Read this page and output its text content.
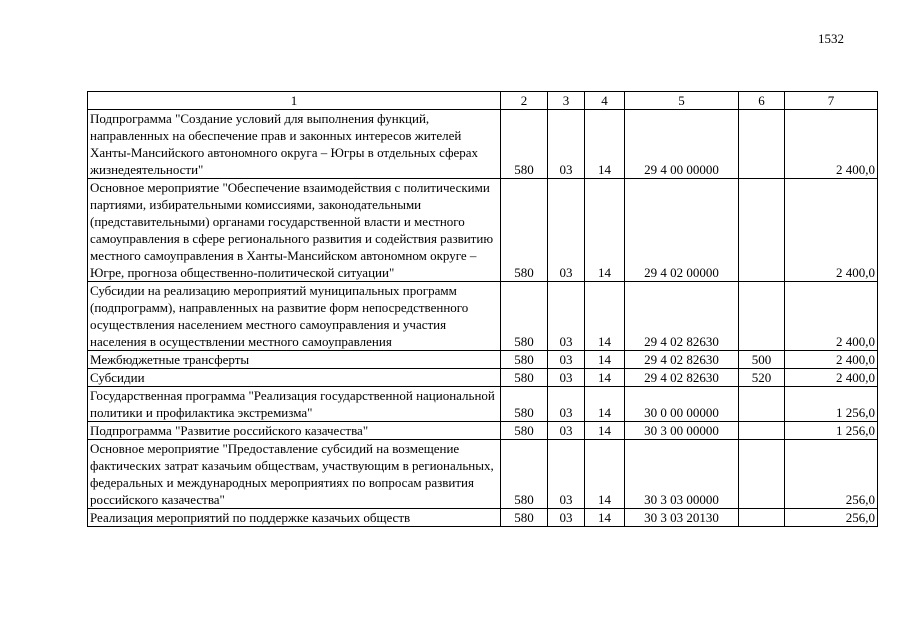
1532
1	2	3	4	5	6	7
Подпрограмма "Создание условий для выполнения функций, направленных на обеспечение прав и законных интересов жителей Ханты-Мансийского автономного округа – Югры в отдельных сферах жизнедеятельности"	580	03	14	29 4 00 00000		2 400,0
Основное мероприятие "Обеспечение взаимодействия с политическими партиями, избирательными комиссиями, законодательными (представительными) органами государственной власти и местного самоуправления в сфере регионального развития и содействия развитию местного самоуправления в Ханты-Мансийском автономном округе – Югре, прогноза общественно-политической ситуации"	580	03	14	29 4 02 00000		2 400,0
Субсидии на реализацию мероприятий муниципальных программ (подпрограмм), направленных на развитие форм непосредственного осуществления населением местного самоуправления и участия населения в осуществлении местного самоуправления	580	03	14	29 4 02 82630		2 400,0
Межбюджетные трансферты	580	03	14	29 4 02 82630	500	2 400,0
Субсидии	580	03	14	29 4 02 82630	520	2 400,0
Государственная программа "Реализация государственной национальной политики и профилактика экстремизма"	580	03	14	30 0 00 00000		1 256,0
Подпрограмма "Развитие российского казачества"	580	03	14	30 3 00 00000		1 256,0
Основное мероприятие "Предоставление субсидий на возмещение фактических затрат казачьим обществам, участвующим в региональных, федеральных и международных мероприятиях по вопросам развития российского казачества"	580	03	14	30 3 03 00000		256,0
Реализация мероприятий по поддержке казачьих обществ	580	03	14	30 3 03 20130		256,0
